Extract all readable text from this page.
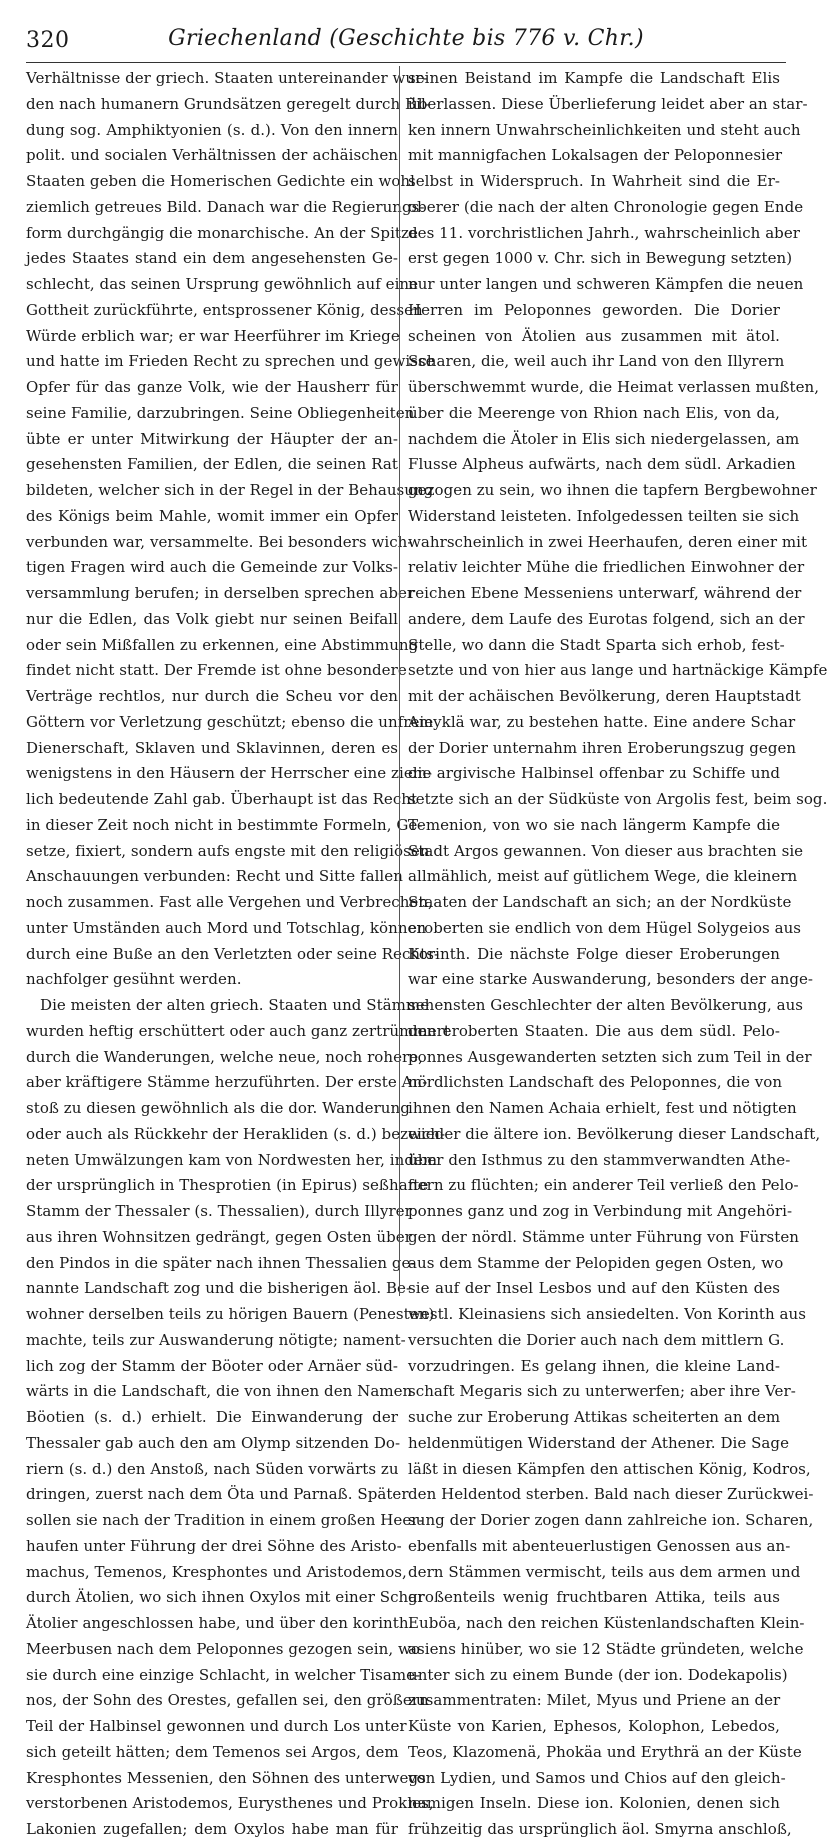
320	Griechenland (Geschichte bis 776 v. Chr.)
Verhältnisse der griech. Staaten untereinander wur-
den nach humanern Grundsätzen geregelt durch Bil-
dung sog. Amphiktyonien (s. d.). Von den innern
polit. und socialen Verhältnissen der achäischen
Staaten geben die Homerischen Gedichte ein wohl
ziemlich getreues Bild. Danach war die Regierungs-
form durchgängig die monarchische. An der Spitze
jedes Staates stand ein dem angesehensten Ge-
schlecht, das seinen Ursprung gewöhnlich auf eine
Gottheit zurückführte, entsprossener König, dessen
Würde erblich war; er war Heerführer im Kriege
und hatte im Frieden Recht zu sprechen und gewisse
Opfer für das ganze Volk, wie der Hausherr für
seine Familie, darzubringen. Seine Obliegenheiten
übte er unter Mitwirkung der Häupter der an-
gesehensten Familien, der Edlen, die seinen Rat
bildeten, welcher sich in der Regel in der Behausung
des Königs beim Mahle, womit immer ein Opfer
verbunden war, versammelte. Bei besonders wich-
tigen Fragen wird auch die Gemeinde zur Volks-
versammlung berufen; in derselben sprechen aber
nur die Edlen, das Volk giebt nur seinen Beifall
oder sein Mißfallen zu erkennen, eine Abstimmung
findet nicht statt. Der Fremde ist ohne besondere
Verträge rechtlos, nur durch die Scheu vor den
Göttern vor Verletzung geschützt; ebenso die unfreie
Dienerschaft, Sklaven und Sklavinnen, deren es
wenigstens in den Häusern der Herrscher eine ziem-
lich bedeutende Zahl gab. Überhaupt ist das Recht
in dieser Zeit noch nicht in bestimmte Formeln, Ge-
setze, fixiert, sondern aufs engste mit den religiösen
Anschauungen verbunden: Recht und Sitte fallen
noch zusammen. Fast alle Vergehen und Verbrechen,
unter Umständen auch Mord und Totschlag, können
durch eine Buße an den Verletzten oder seine Rechts-
nachfolger gesühnt werden.
Die meisten der alten griech. Staaten und Stämme
wurden heftig erschüttert oder auch ganz zertrümmert
durch die Wanderungen, welche neue, noch rohere,
aber kräftigere Stämme herzuführten. Der erste An-
stoß zu diesen gewöhnlich als die dor. Wanderung
oder auch als Rückkehr der Herakliden (s. d.) bezeich-
neten Umwälzungen kam von Nordwesten her, indem
der ursprünglich in Thesprotien (in Epirus) seßhafte
Stamm der Thessaler (s. Thessalien), durch Illyrer
aus ihren Wohnsitzen gedrängt, gegen Osten über
den Pindos in die später nach ihnen Thessalien ge-
nannte Landschaft zog und die bisherigen äol. Be-
wohner derselben teils zu hörigen Bauern (Penesten)
machte, teils zur Auswanderung nötigte; nament-
lich zog der Stamm der Böoter oder Arnäer süd-
wärts in die Landschaft, die von ihnen den Namen
Böotien (s. d.) erhielt. Die Einwanderung der
Thessaler gab auch den am Olymp sitzenden Do-
riern (s. d.) den Anstoß, nach Süden vorwärts zu
dringen, zuerst nach dem Öta und Parnaß. Später
sollen sie nach der Tradition in einem großen Heer-
haufen unter Führung der drei Söhne des Aristo-
machus, Temenos, Kresphontes und Aristodemos,
durch Ätolien, wo sich ihnen Oxylos mit einer Schar
Ätolier angeschlossen habe, und über den korinth.
Meerbusen nach dem Peloponnes gezogen sein, wo
sie durch eine einzige Schlacht, in welcher Tisame-
nos, der Sohn des Orestes, gefallen sei, den größern
Teil der Halbinsel gewonnen und durch Los unter
sich geteilt hätten; dem Temenos sei Argos, dem
Kresphontes Messenien, den Söhnen des unterwegs
verstorbenen Aristodemos, Eurysthenes und Prokles,
Lakonien zugefallen; dem Oxylos habe man für
seinen Beistand im Kampfe die Landschaft Elis
überlassen. Diese Überlieferung leidet aber an star-
ken innern Unwahrscheinlichkeiten und steht auch
mit mannigfachen Lokalsagen der Peloponnesier
selbst in Widerspruch. In Wahrheit sind die Er-
oberer (die nach der alten Chronologie gegen Ende
des 11. vorchristlichen Jahrh., wahrscheinlich aber
erst gegen 1000 v. Chr. sich in Bewegung setzten)
nur unter langen und schweren Kämpfen die neuen
Herren im Peloponnes geworden. Die Dorier
scheinen von Ätolien aus zusammen mit ätol.
Scharen, die, weil auch ihr Land von den Illyrern
überschwemmt wurde, die Heimat verlassen mußten,
über die Meerenge von Rhion nach Elis, von da,
nachdem die Ätoler in Elis sich niedergelassen, am
Flusse Alpheus aufwärts, nach dem südl. Arkadien
gezogen zu sein, wo ihnen die tapfern Bergbewohner
Widerstand leisteten. Infolgedessen teilten sie sich
wahrscheinlich in zwei Heerhaufen, deren einer mit
relativ leichter Mühe die friedlichen Einwohner der
reichen Ebene Messeniens unterwarf, während der
andere, dem Laufe des Eurotas folgend, sich an der
Stelle, wo dann die Stadt Sparta sich erhob, fest-
setzte und von hier aus lange und hartnäckige Kämpfe
mit der achäischen Bevölkerung, deren Hauptstadt
Amyklä war, zu bestehen hatte. Eine andere Schar
der Dorier unternahm ihren Eroberungszug gegen
die argivische Halbinsel offenbar zu Schiffe und
setzte sich an der Südküste von Argolis fest, beim sog.
Temenion, von wo sie nach längerm Kampfe die
Stadt Argos gewannen. Von dieser aus brachten sie
allmählich, meist auf gütlichem Wege, die kleinern
Staaten der Landschaft an sich; an der Nordküste
eroberten sie endlich von dem Hügel Solygeios aus
Korinth. Die nächste Folge dieser Eroberungen
war eine starke Auswanderung, besonders der ange-
sehensten Geschlechter der alten Bevölkerung, aus
den eroberten Staaten. Die aus dem südl. Pelo-
ponnes Ausgewanderten setzten sich zum Teil in der
nördlichsten Landschaft des Peloponnes, die von
ihnen den Namen Achaia erhielt, fest und nötigten
wieder die ältere ion. Bevölkerung dieser Landschaft,
über den Isthmus zu den stammverwandten Athe-
nern zu flüchten; ein anderer Teil verließ den Pelo-
ponnes ganz und zog in Verbindung mit Angehöri-
gen der nördl. Stämme unter Führung von Fürsten
aus dem Stamme der Pelopiden gegen Osten, wo
sie auf der Insel Lesbos und auf den Küsten des
westl. Kleinasiens sich ansiedelten. Von Korinth aus
versuchten die Dorier auch nach dem mittlern G.
vorzudringen. Es gelang ihnen, die kleine Land-
schaft Megaris sich zu unterwerfen; aber ihre Ver-
suche zur Eroberung Attikas scheiterten an dem
heldenmütigen Widerstand der Athener. Die Sage
läßt in diesen Kämpfen den attischen König, Kodros,
den Heldentod sterben. Bald nach dieser Zurückwei-
sung der Dorier zogen dann zahlreiche ion. Scharen,
ebenfalls mit abenteuerlustigen Genossen aus an-
dern Stämmen vermischt, teils aus dem armen und
großenteils wenig fruchtbaren Attika, teils aus
Euböa, nach den reichen Küstenlandschaften Klein-
asiens hinüber, wo sie 12 Städte gründeten, welche
unter sich zu einem Bunde (der ion. Dodekapolis)
zusammentraten: Milet, Myus und Priene an der
Küste von Karien, Ephesos, Kolophon, Lebedos,
Teos, Klazomenä, Phokäa und Erythrä an der Küste
von Lydien, und Samos und Chios auf den gleich-
namigen Inseln. Diese ion. Kolonien, denen sich
frühzeitig das ursprünglich äol. Smyrna anschloß,
